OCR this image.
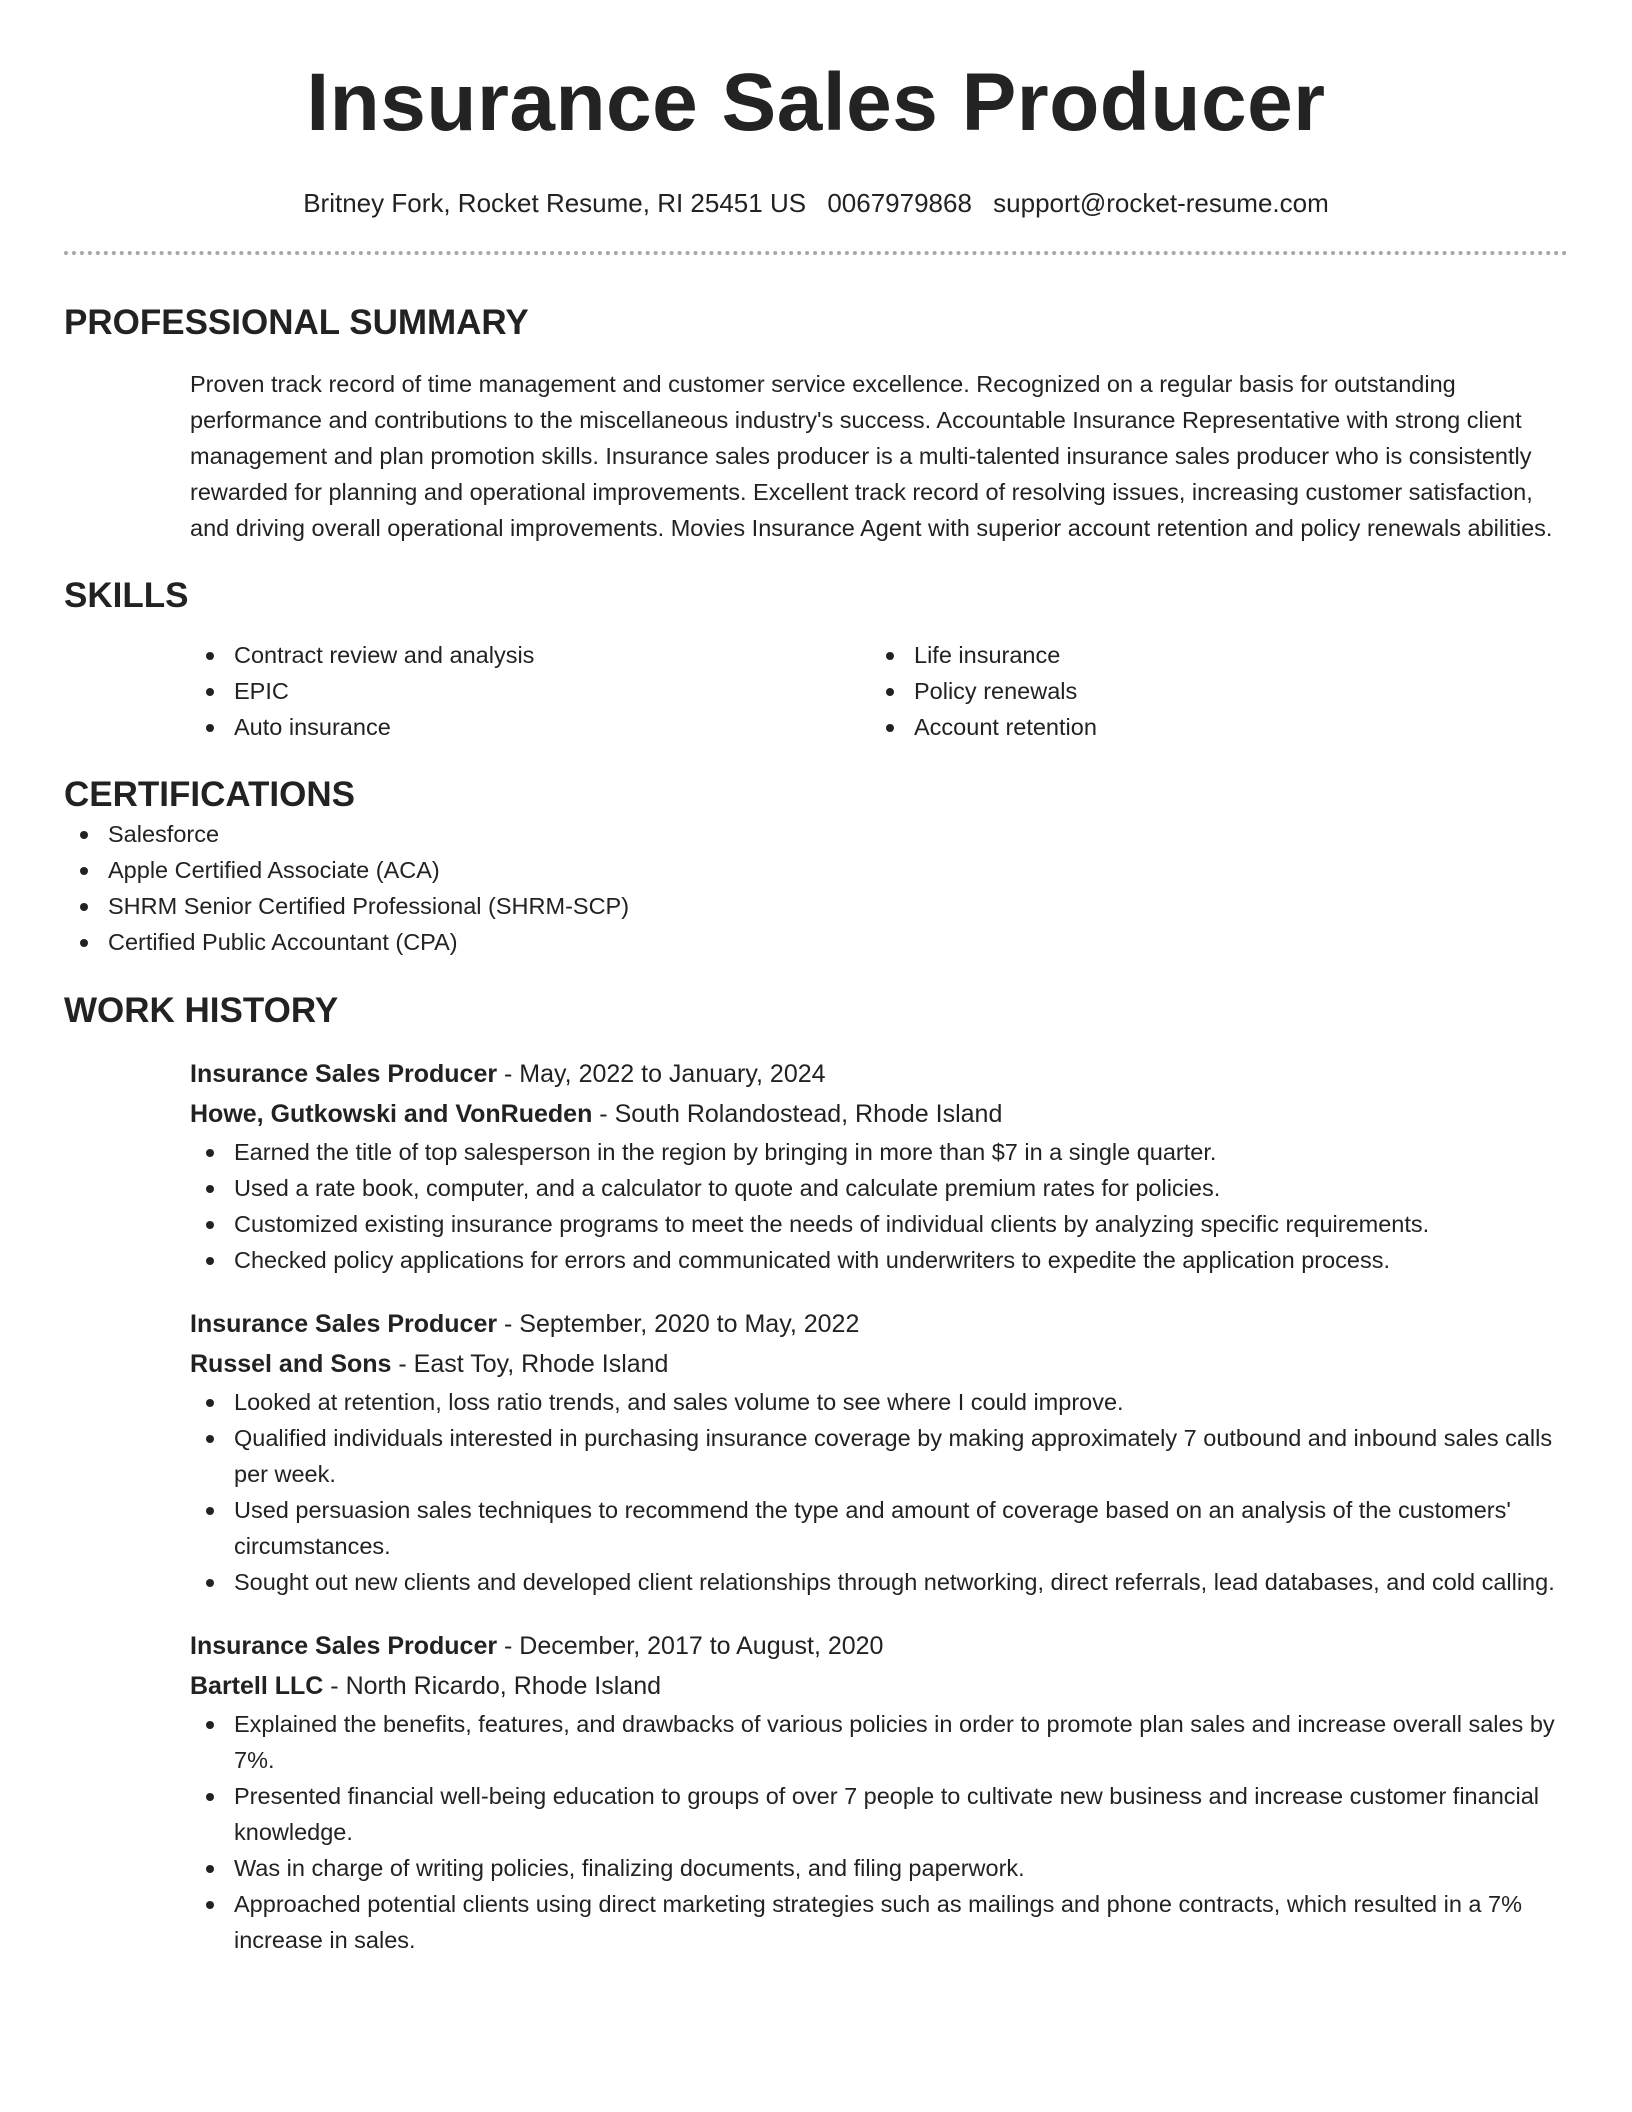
Insurance Sales Producer
Britney Fork, Rocket Resume, RI 25451 US 0067979868 support@rocket-resume.com
PROFESSIONAL SUMMARY

Proven track record of time management and customer service excellence. Recognized on a regular basis for outstanding performance and contributions to the miscellaneous industry's success. Accountable Insurance Representative with strong client management and plan promotion skills. Insurance sales producer is a multi-talented insurance sales producer who is consistently rewarded for planning and operational improvements. Excellent track record of resolving issues, increasing customer satisfaction, and driving overall operational improvements. Movies Insurance Agent with superior account retention and policy renewals abilities.

SKILLS
Contract review and analysis
EPIC
Auto insurance
Life insurance
Policy renewals
Account retention
CERTIFICATIONS
Salesforce
Apple Certified Associate (ACA)
SHRM Senior Certified Professional (SHRM-SCP)
Certified Public Accountant (CPA)
WORK HISTORY
Insurance Sales Producer - May, 2022 to January, 2024
Howe, Gutkowski and VonRueden - South Rolandostead, Rhode Island
Earned the title of top salesperson in the region by bringing in more than $7 in a single quarter.
Used a rate book, computer, and a calculator to quote and calculate premium rates for policies.
Customized existing insurance programs to meet the needs of individual clients by analyzing specific requirements.
Checked policy applications for errors and communicated with underwriters to expedite the application process.
Insurance Sales Producer - September, 2020 to May, 2022
Russel and Sons - East Toy, Rhode Island
Looked at retention, loss ratio trends, and sales volume to see where I could improve.
Qualified individuals interested in purchasing insurance coverage by making approximately 7 outbound and inbound sales calls per week.
Used persuasion sales techniques to recommend the type and amount of coverage based on an analysis of the customers' circumstances.
Sought out new clients and developed client relationships through networking, direct referrals, lead databases, and cold calling.
Insurance Sales Producer - December, 2017 to August, 2020
Bartell LLC - North Ricardo, Rhode Island
Explained the benefits, features, and drawbacks of various policies in order to promote plan sales and increase overall sales by 7%.
Presented financial well-being education to groups of over 7 people to cultivate new business and increase customer financial knowledge.
Was in charge of writing policies, finalizing documents, and filing paperwork.
Approached potential clients using direct marketing strategies such as mailings and phone contracts, which resulted in a 7% increase in sales.
